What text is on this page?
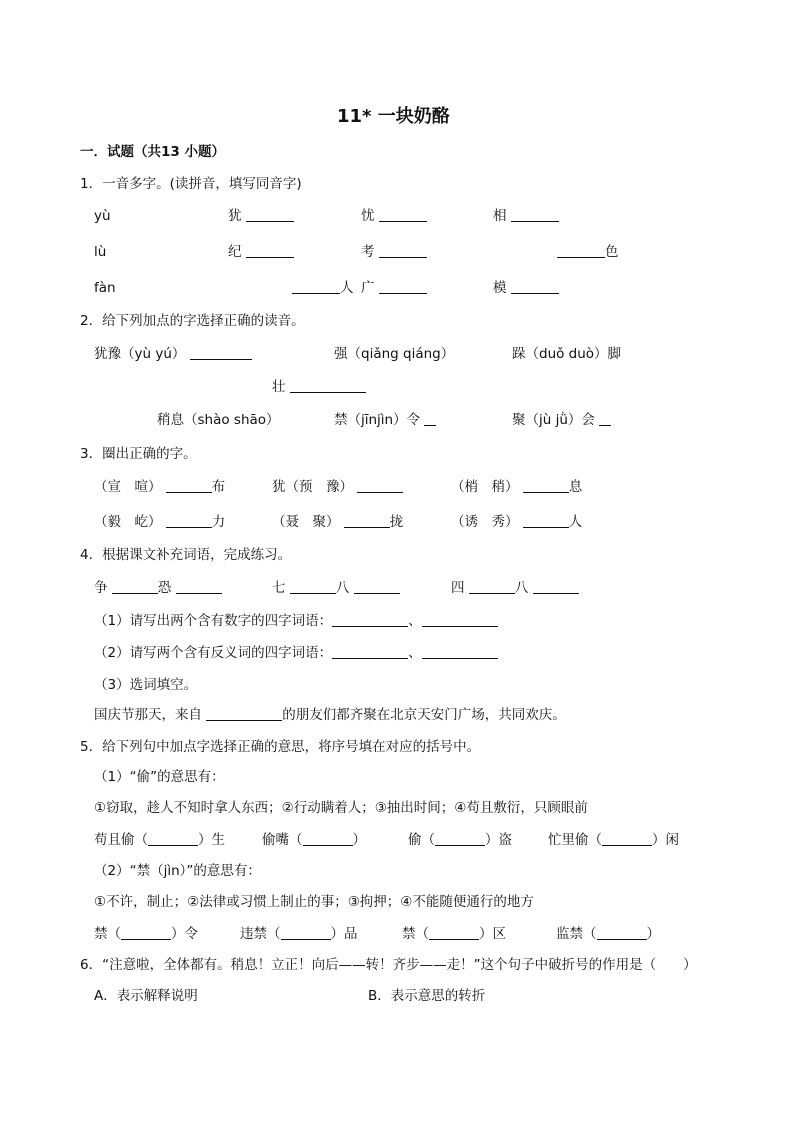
11* 一块奶酪
一．试题（共13 小题）
1．一音多字。(读拼音，填写同音字)
yù	犹	忧	相
lù	纪	考	色
fàn	人 广	模
2．给下列加点的字选择正确的读音。
犹豫（yù yú）	强（qiǎng qiáng）	跺（duǒ duò）脚
壮
稍息（shào shāo）	禁（jīnjìn）令	聚（jù jǜ）会
3．圈出正确的字。
（宣　喧）	布	犹（预　豫）	（梢　稍）	息
（毅　屹）	力	（聂　聚）	拢	（诱　秀）	人
4．根据课文补充词语，完成练习。
争	恐	七	八	四	八
（1）请写出两个含有数字的四字词语：	、
（2）请写两个含有反义词的四字词语：	、
（3）选词填空。
国庆节那天，来自	的朋友们都齐聚在北京天安门广场，共同欢庆。
5．给下列句中加点字选择正确的意思，将序号填在对应的括号中。
（1）“偷”的意思有：
①窃取，趁人不知时拿人东西；②行动瞒着人；③抽出时间；④苟且敷衍，只顾眼前
苟且偷（	）生	偷嘴（	）	偷（	）盗	忙里偷（	）闲
（2）“禁（jìn）”的意思有：
①不许，制止；②法律或习惯上制止的事；③拘押；④不能随便通行的地方
禁（	）令	违禁（	）品	禁（	）区	监禁（	）
6．“注意啦，全体都有。稍息！立正！向后——转！齐步——走！”这个句子中破折号的作用是（　　）
A．表示解释说明	B．表示意思的转折
